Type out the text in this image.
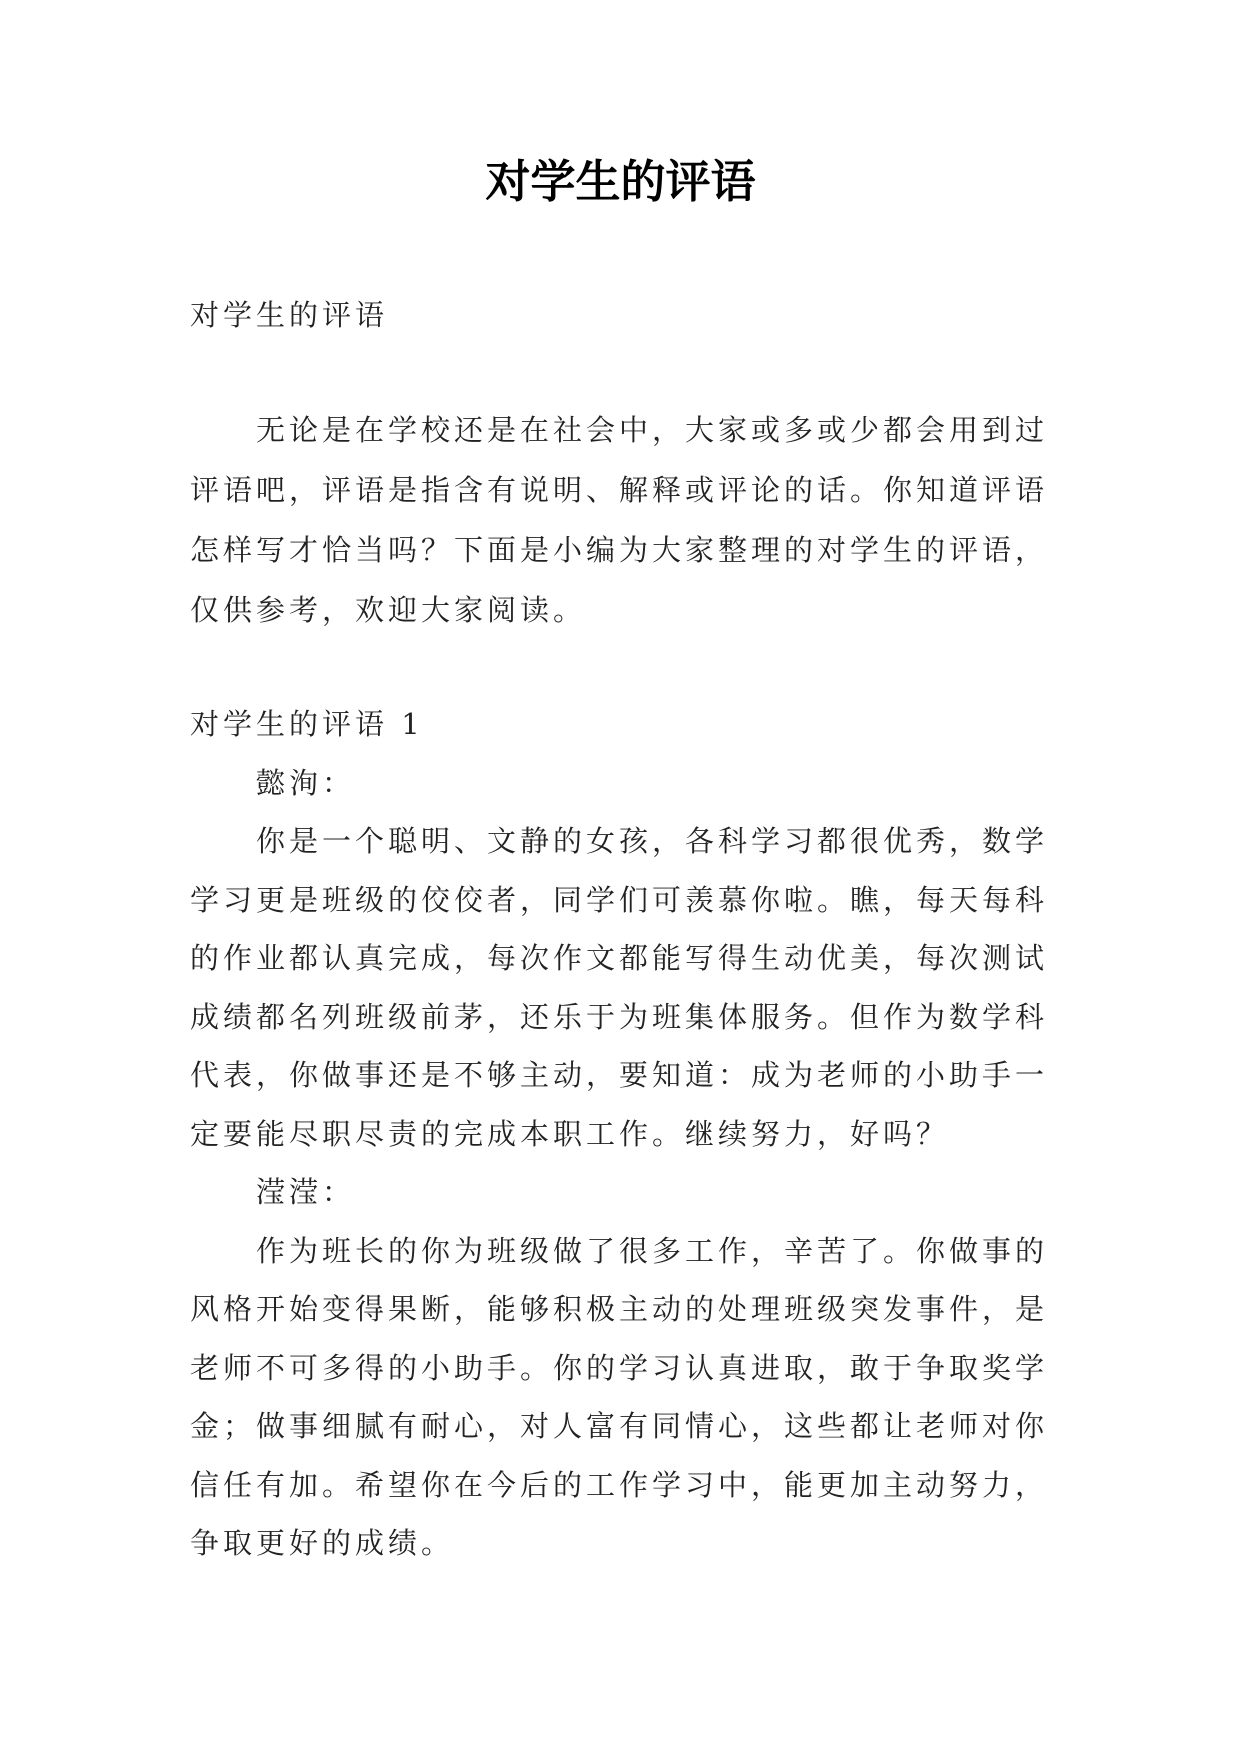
对学生的评语
对学生的评语
无论是在学校还是在社会中，大家或多或少都会用到过
评语吧，评语是指含有说明、解释或评论的话。你知道评语
怎样写才恰当吗？下面是小编为大家整理的对学生的评语，
仅供参考，欢迎大家阅读。
对学生的评语 1
懿洵：
你是一个聪明、文静的女孩，各科学习都很优秀，数学
学习更是班级的佼佼者，同学们可羡慕你啦。瞧，每天每科
的作业都认真完成，每次作文都能写得生动优美，每次测试
成绩都名列班级前茅，还乐于为班集体服务。但作为数学科
代表，你做事还是不够主动，要知道：成为老师的小助手一
定要能尽职尽责的完成本职工作。继续努力，好吗？
滢滢：
作为班长的你为班级做了很多工作，辛苦了。你做事的
风格开始变得果断，能够积极主动的处理班级突发事件，是
老师不可多得的小助手。你的学习认真进取，敢于争取奖学
金；做事细腻有耐心，对人富有同情心，这些都让老师对你
信任有加。希望你在今后的工作学习中，能更加主动努力，
争取更好的成绩。
